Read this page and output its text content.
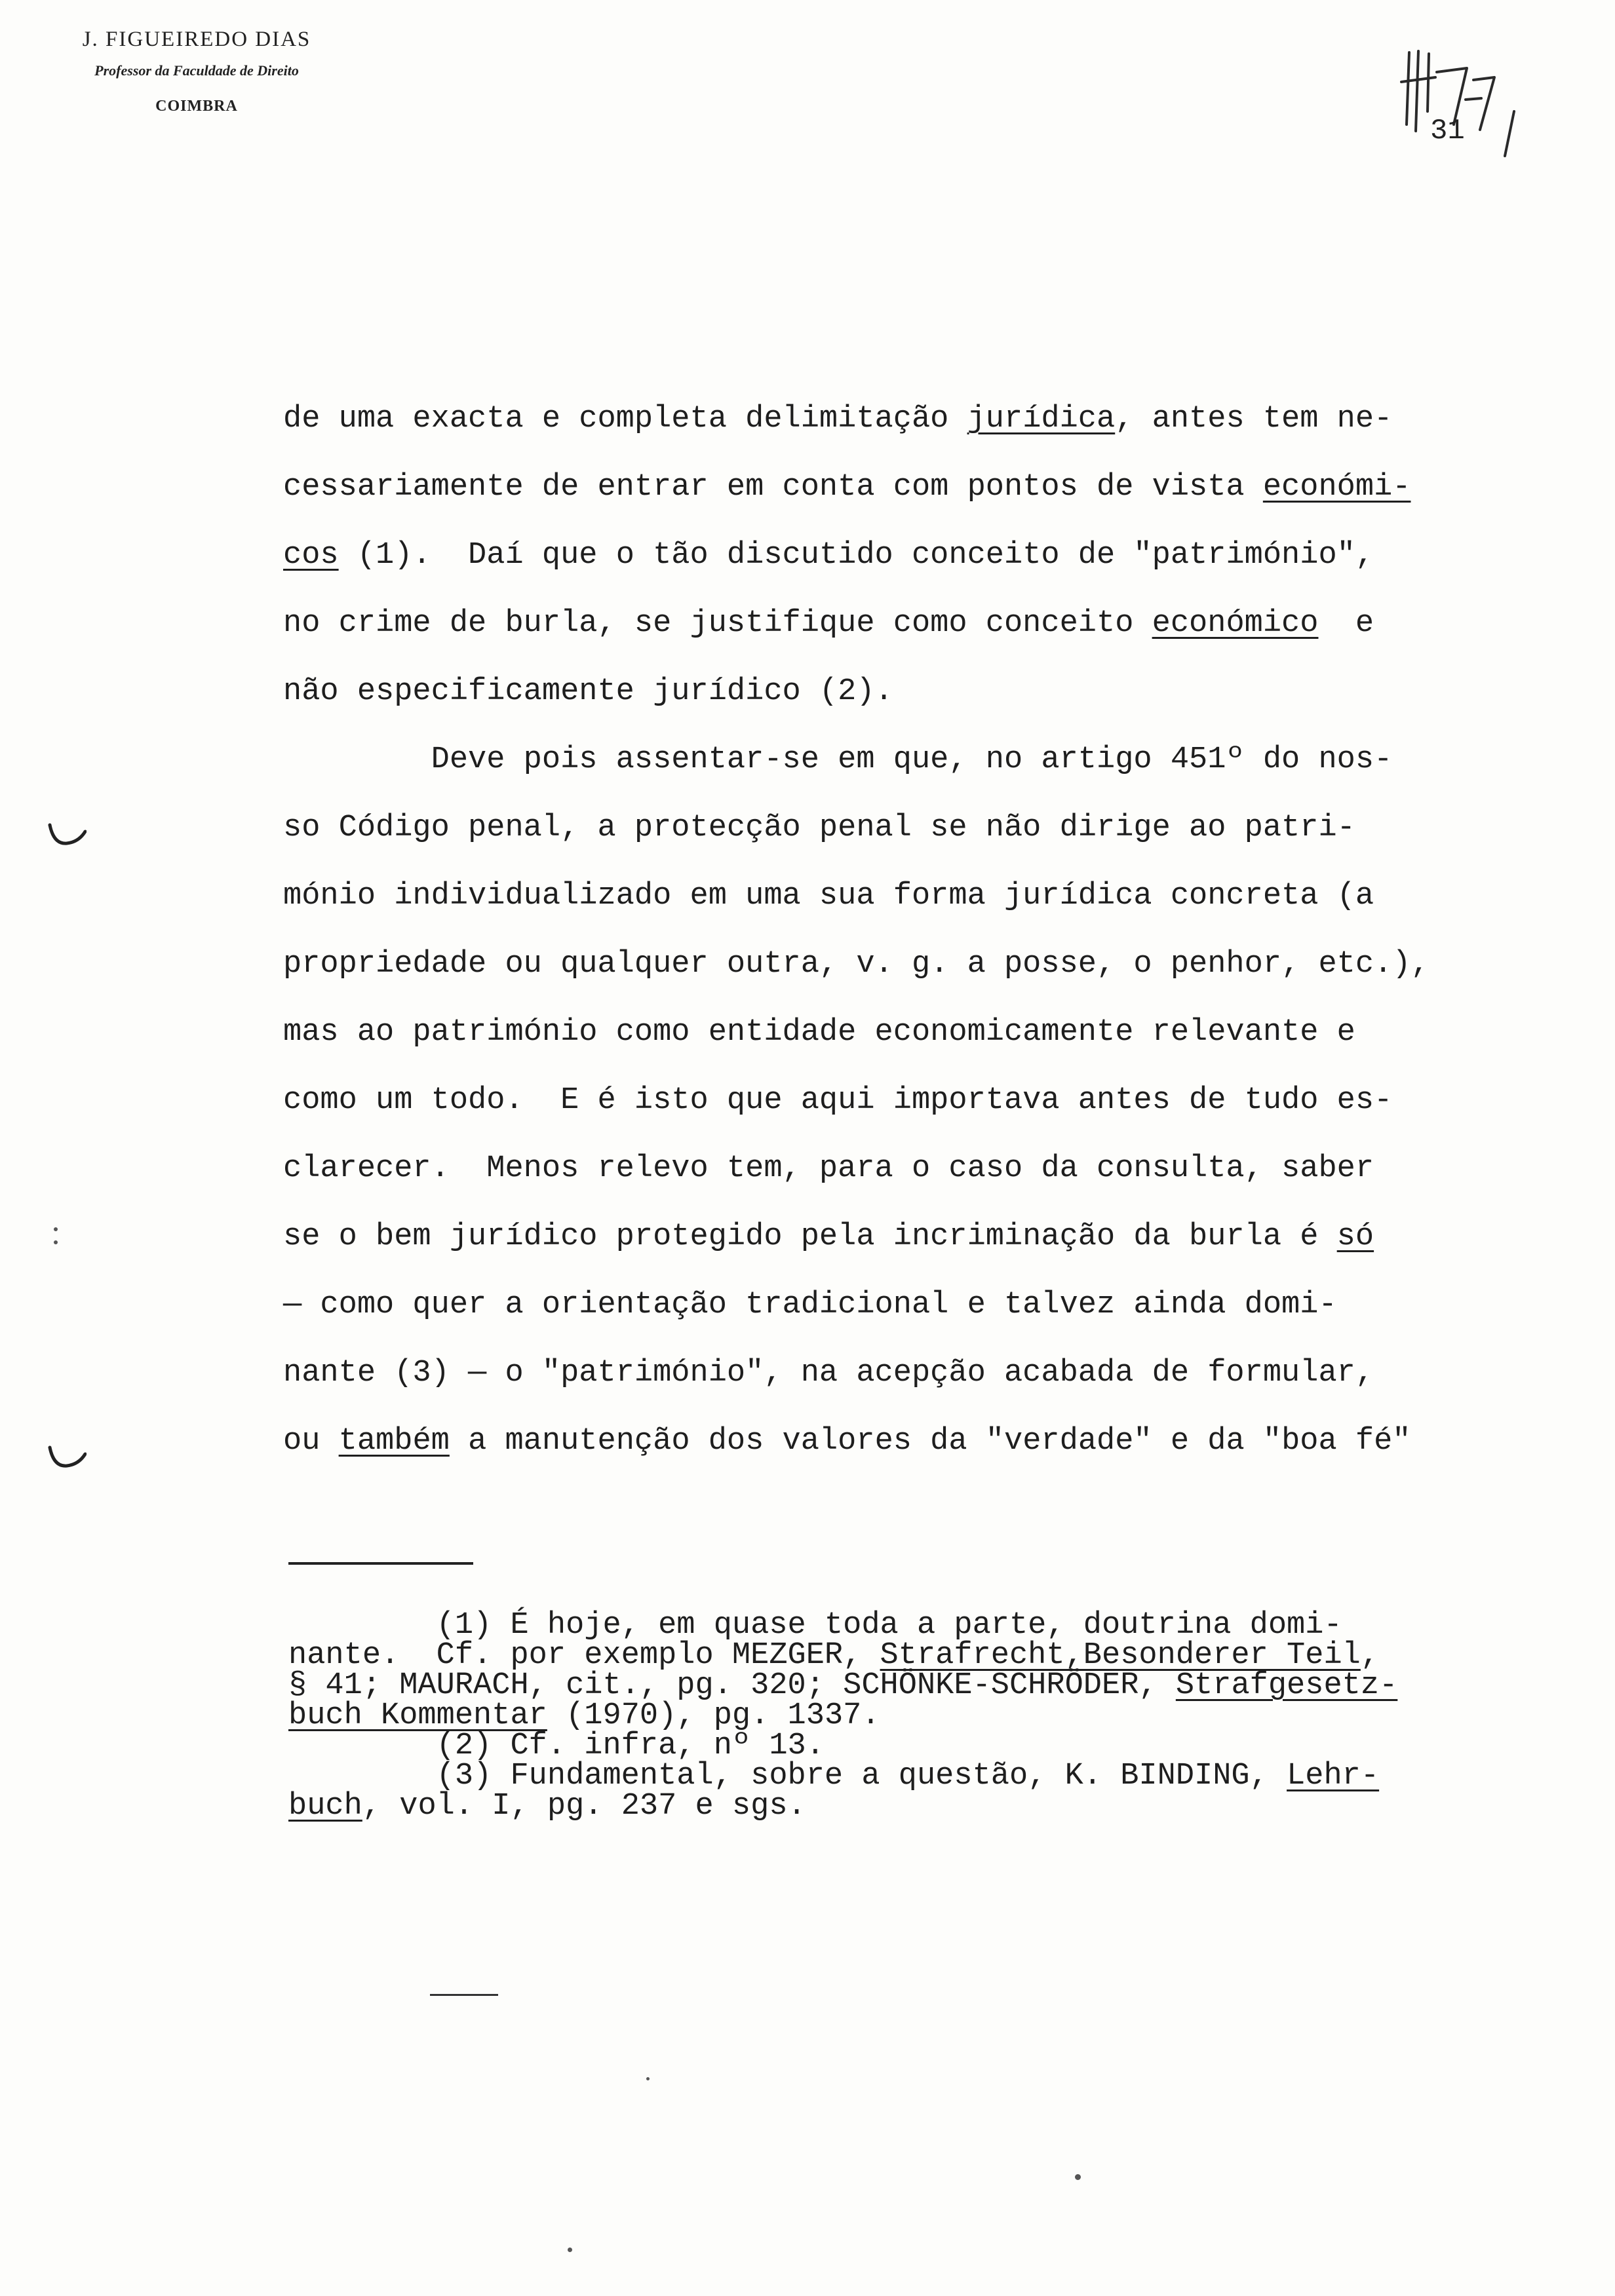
J. FIGUEIREDO DIAS
Professor da Faculdade de Direito
COIMBRA
31
de uma exacta e completa delimitação jurídica, antes tem ne-
cessariamente de entrar em conta com pontos de vista económi-
cos (1).  Daí que o tão discutido conceito de "património",
no crime de burla, se justifique como conceito económico  e
não especificamente jurídico (2).
Deve pois assentar-se em que, no artigo 451º do nos-
so Código penal, a protecção penal se não dirige ao patri-
mónio individualizado em uma sua forma jurídica concreta (a
propriedade ou qualquer outra, v. g. a posse, o penhor, etc.),
mas ao património como entidade economicamente relevante e
como um todo.  E é isto que aqui importava antes de tudo es-
clarecer.  Menos relevo tem, para o caso da consulta, saber
se o bem jurídico protegido pela incriminação da burla é só
— como quer a orientação tradicional e talvez ainda domi-
nante (3) — o "património", na acepção acabada de formular,
ou também a manutenção dos valores da "verdade" e da "boa fé"
(1) É hoje, em quase toda a parte, doutrina domi-
nante.  Cf. por exemplo MEZGER, Strafrecht,Besonderer Teil,
§ 41; MAURACH, cit., pg. 320; SCHÖNKE-SCHRÖDER, Strafgesetz-
buch Kommentar (1970), pg. 1337.
(2) Cf. infra, nº 13.
(3) Fundamental, sobre a questão, K. BINDING, Lehr-
buch, vol. I, pg. 237 e sgs.
